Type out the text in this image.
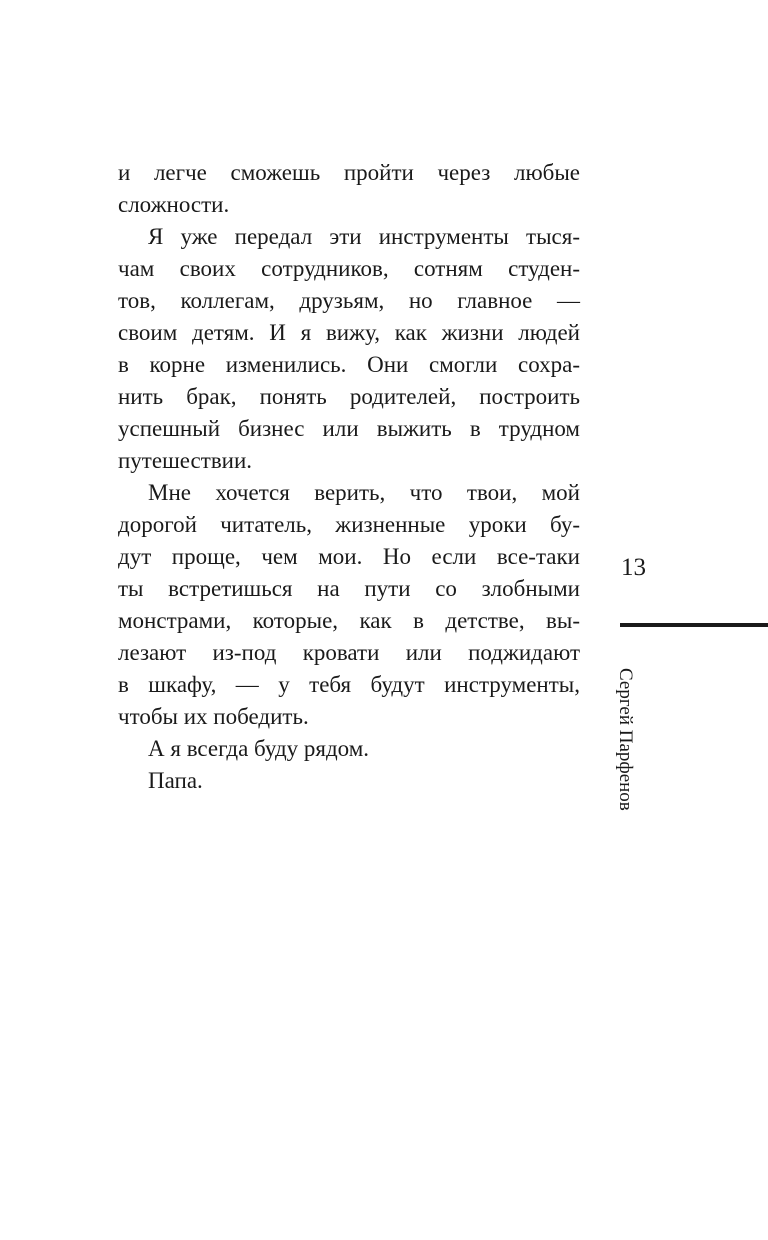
и легче сможешь пройти через любые
сложности.
Я уже передал эти инструменты тыся-
чам своих сотрудников, сотням студен-
тов, коллегам, друзьям, но главное —
своим детям. И я вижу, как жизни людей
в корне изменились. Они смогли сохра-
нить брак, понять родителей, построить
успешный бизнес или выжить в трудном
путешествии.
Мне хочется верить, что твои, мой
дорогой читатель, жизненные уроки бу-
дут проще, чем мои. Но если все-таки
ты встретишься на пути со злобными
монстрами, которые, как в детстве, вы-
лезают из-под кровати или поджидают
в шкафу, — у тебя будут инструменты,
чтобы их победить.
А я всегда буду рядом.
Папа.
13
Сергей Парфенов
